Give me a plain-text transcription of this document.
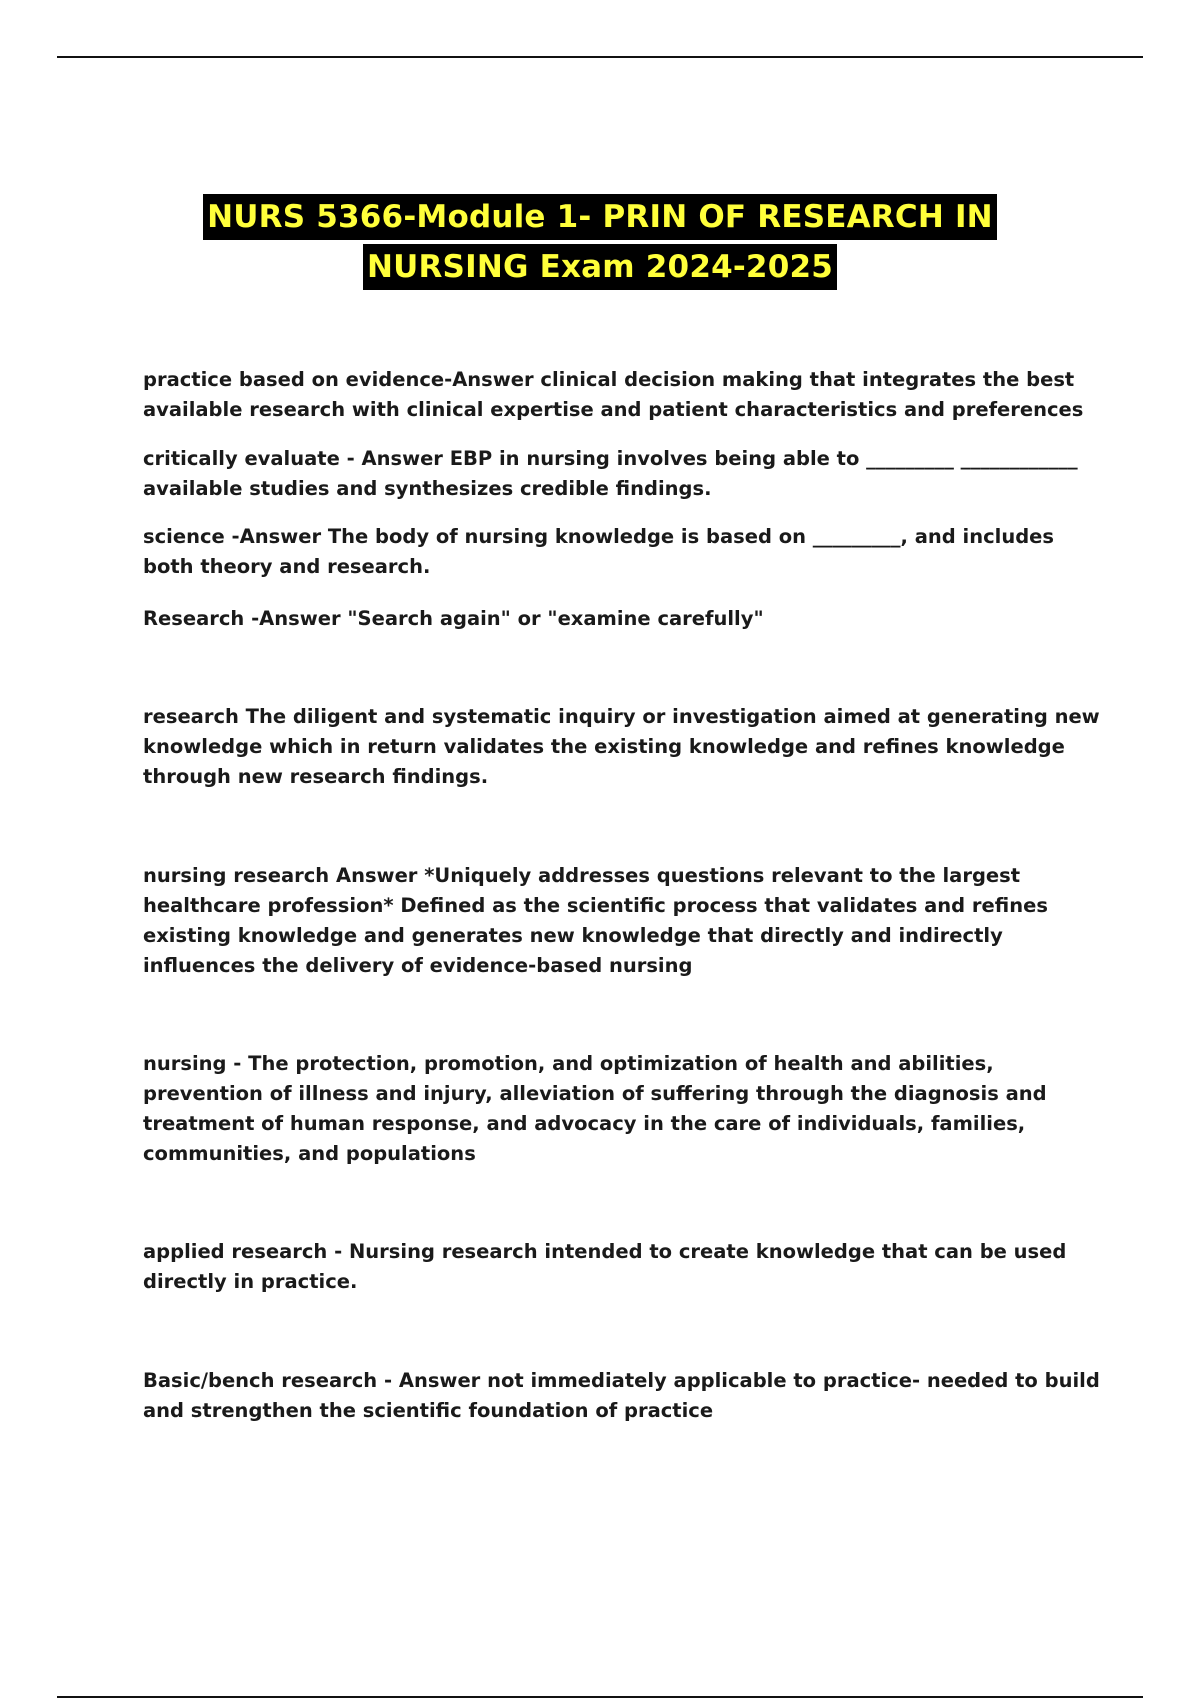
NURS 5366-Module 1- PRIN OF RESEARCH IN
NURSING Exam 2024-2025

practice based on evidence-Answer clinical decision making that integrates the best available research with clinical expertise and patient characteristics and preferences

critically evaluate - Answer EBP in nursing involves being able to _________ ____________ available studies and synthesizes credible findings.

science -Answer The body of nursing knowledge is based on _________, and includes both theory and research.

Research -Answer "Search again" or "examine carefully"

research The diligent and systematic inquiry or investigation aimed at generating new knowledge which in return validates the existing knowledge and refines knowledge through new research findings.

nursing research Answer *Uniquely addresses questions relevant to the largest healthcare profession* Defined as the scientific process that validates and refines existing knowledge and generates new knowledge that directly and indirectly influences the delivery of evidence-based nursing

nursing - The protection, promotion, and optimization of health and abilities, prevention of illness and injury, alleviation of suffering through the diagnosis and treatment of human response, and advocacy in the care of individuals, families, communities, and populations

applied research - Nursing research intended to create knowledge that can be used directly in practice.

Basic/bench research - Answer not immediately applicable to practice- needed to build and strengthen the scientific foundation of practice
